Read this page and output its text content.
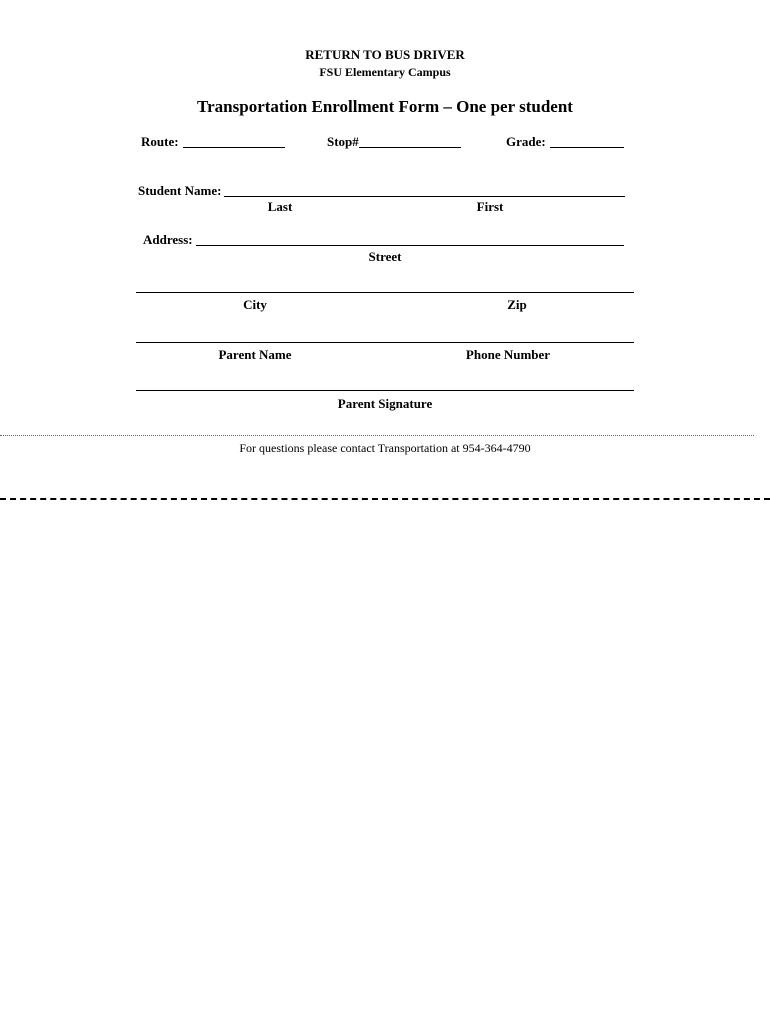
RETURN TO BUS DRIVER
FSU Elementary Campus
Transportation Enrollment Form – One per student
Route:	Stop#	Grade:
Student Name:
Last	First
Address:
Street
City	Zip
Parent Name	Phone Number
Parent Signature
For questions please contact Transportation at 954-364-4790
